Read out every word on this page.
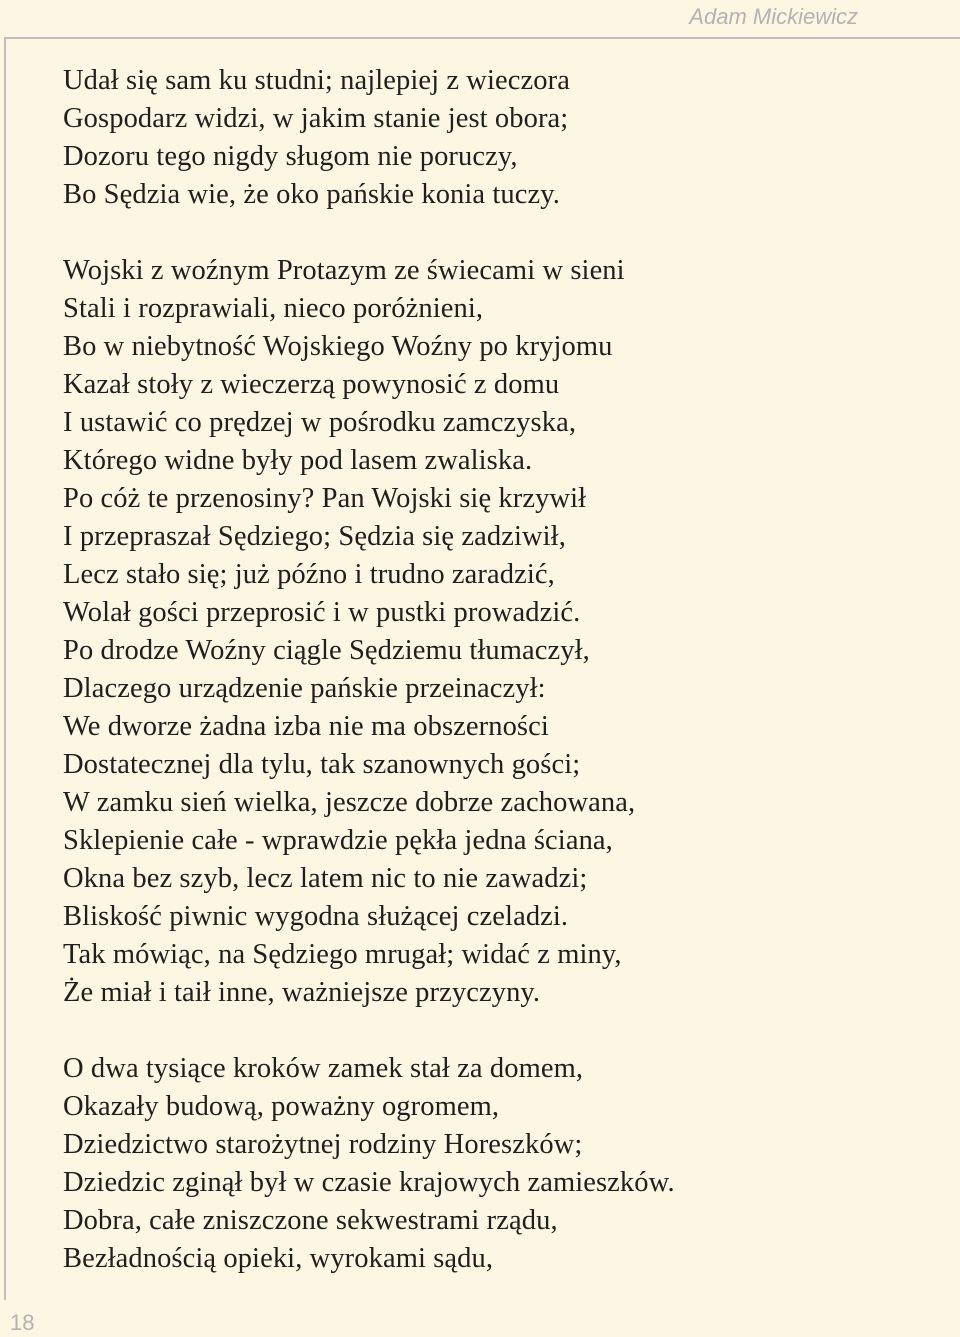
Adam Mickiewicz
Udał się sam ku studni; najlepiej z wieczora
Gospodarz widzi, w jakim stanie jest obora;
Dozoru tego nigdy sługom nie poruczy,
Bo Sędzia wie, że oko pańskie konia tuczy.
Wojski z woźnym Protazym ze świecami w sieni
Stali i rozprawiali, nieco poróżnieni,
Bo w niebytność Wojskiego Woźny po kryjomu
Kazał stoły z wieczerzą powynosić z domu
I ustawić co prędzej w pośrodku zamczyska,
Którego widne były pod lasem zwaliska.
Po cóż te przenosiny? Pan Wojski się krzywił
I przepraszał Sędziego; Sędzia się zadziwił,
Lecz stało się; już późno i trudno zaradzić,
Wolał gości przeprosić i w pustki prowadzić.
Po drodze Woźny ciągle Sędziemu tłumaczył,
Dlaczego urządzenie pańskie przeinaczył:
We dworze żadna izba nie ma obszerności
Dostatecznej dla tylu, tak szanownych gości;
W zamku sień wielka, jeszcze dobrze zachowana,
Sklepienie całe - wprawdzie pękła jedna ściana,
Okna bez szyb, lecz latem nic to nie zawadzi;
Bliskość piwnic wygodna służącej czeladzi.
Tak mówiąc, na Sędziego mrugał; widać z miny,
Że miał i taił inne, ważniejsze przyczyny.
O dwa tysiące kroków zamek stał za domem,
Okazały budową, poważny ogromem,
Dziedzictwo starożytnej rodziny Horeszków;
Dziedzic zginął był w czasie krajowych zamieszków.
Dobra, całe zniszczone sekwestrami rządu,
Bezładnością opieki, wyrokami sądu,
18
